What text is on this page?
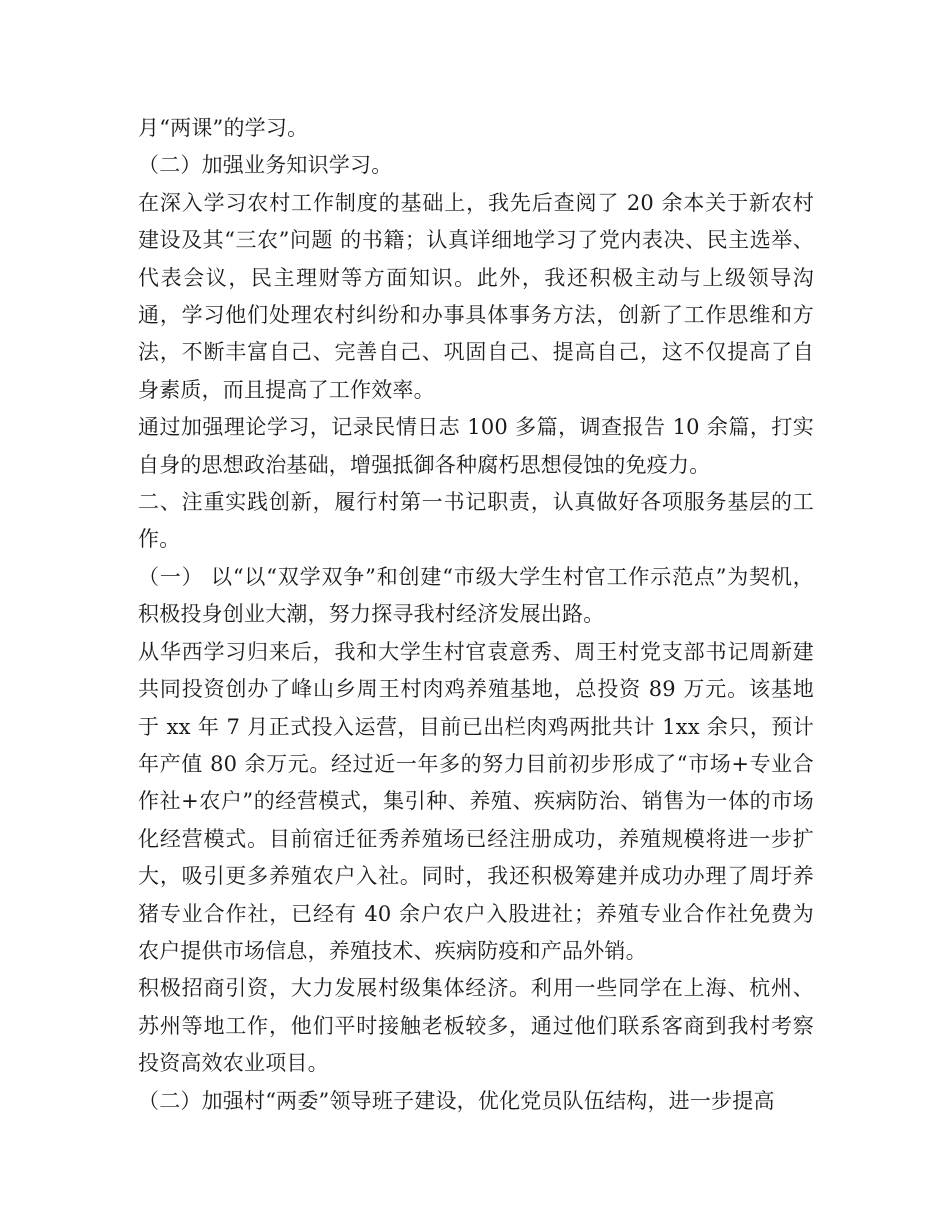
月“两课”的学习。

（二）加强业务知识学习。

在深入学习农村工作制度的基础上，我先后查阅了 20 余本关于新农村建设及其“三农”问题 的书籍；认真详细地学习了党内表决、民主选举、代表会议，民主理财等方面知识。此外，我还积极主动与上级领导沟通，学习他们处理农村纠纷和办事具体事务方法，创新了工作思维和方法，不断丰富自己、完善自己、巩固自己、提高自己，这不仅提高了自身素质，而且提高了工作效率。

通过加强理论学习，记录民情日志 100 多篇，调查报告 10 余篇，打实自身的思想政治基础，增强抵御各种腐朽思想侵蚀的免疫力。

二、注重实践创新，履行村第一书记职责，认真做好各项服务基层的工作。

（一） 以“以“双学双争”和创建“市级大学生村官工作示范点”为契机，积极投身创业大潮，努力探寻我村经济发展出路。

从华西学习归来后，我和大学生村官袁意秀、周王村党支部书记周新建共同投资创办了峰山乡周王村肉鸡养殖基地，总投资 89 万元。该基地于 xx 年 7 月正式投入运营，目前已出栏肉鸡两批共计 1xx 余只，预计年产值 80 余万元。经过近一年多的努力目前初步形成了“市场+专业合作社+农户”的经营模式，集引种、养殖、疾病防治、销售为一体的市场化经营模式。目前宿迁征秀养殖场已经注册成功，养殖规模将进一步扩大，吸引更多养殖农户入社。同时，我还积极筹建并成功办理了周圩养猪专业合作社，已经有 40 余户农户入股进社；养殖专业合作社免费为农户提供市场信息，养殖技术、疾病防疫和产品外销。

积极招商引资，大力发展村级集体经济。利用一些同学在上海、杭州、苏州等地工作，他们平时接触老板较多，通过他们联系客商到我村考察投资高效农业项目。

（二）加强村“两委”领导班子建设，优化党员队伍结构，进一步提高
